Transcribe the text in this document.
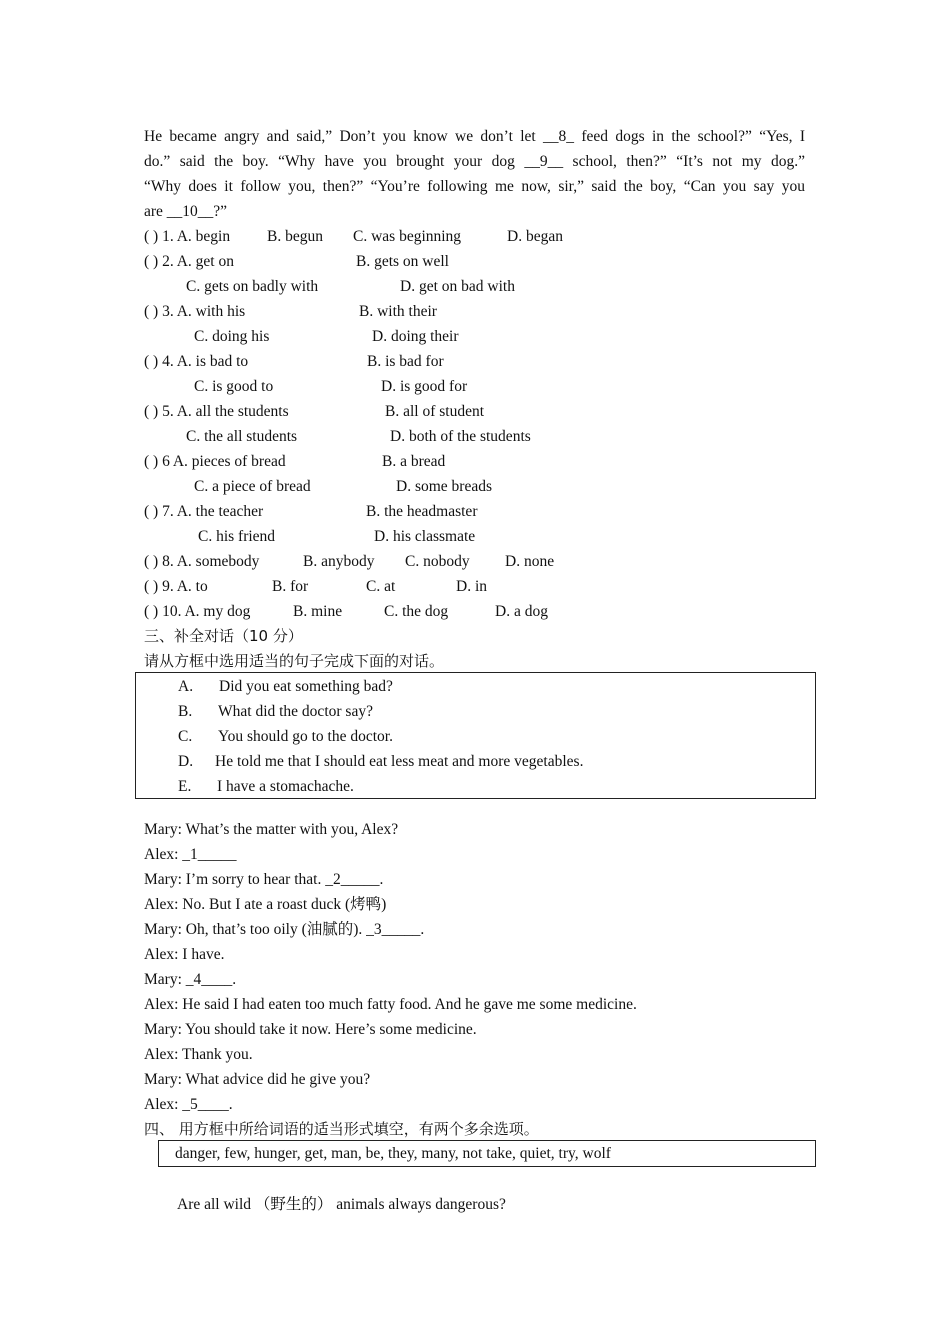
He became angry and said,” Don’t you know we don’t let __8_ feed dogs in the school?” “Yes, I
do.” said the boy. “Why have you brought your dog __9__ school, then?” “It’s not my dog.”
“Why does it follow you, then?” “You’re following me now, sir,” said the boy, “Can you say you
are __10__?”
( ) 1. A. begin B. begun C. was beginning	D. began
( ) 2. A. get on	B. gets on well
C. gets on badly with	D. get on bad with
( ) 3. A. with his	B. with their
C. doing his	D. doing their
( ) 4. A. is bad to	B. is bad for
C. is good to	D. is good for
( ) 5. A. all the students	B. all of student
C. the all students	D. both of the students
( ) 6 A. pieces of bread	B. a bread
C. a piece of bread	D. some breads
( ) 7. A. the teacher	B. the headmaster
C. his friend	D. his classmate
( ) 8. A. somebody	B. anybody C. nobody D. none
( ) 9. A. to	B. for	C. at	D. in
( ) 10. A. my dog	B. mine	C. the dog	D. a dog
三、补全对话（10 分）
请从方框中选用适当的句子完成下面的对话。
A. Did you eat something bad?
B. What did the doctor say?
C. You should go to the doctor.
D. He told me that I should eat less meat and more vegetables.
E. I have a stomachache.
Mary: What’s the matter with you, Alex?
Alex: _1_____
Mary: I’m sorry to hear that. _2_____.
Alex: No. But I ate a roast duck (烤鸭)
Mary: Oh, that’s too oily (油腻的). _3_____.
Alex: I have.
Mary: _4____.
Alex: He said I had eaten too much fatty food. And he gave me some medicine.
Mary: You should take it now. Here’s some medicine.
Alex: Thank you.
Mary: What advice did he give you?
Alex: _5____.
四、 用方框中所给词语的适当形式填空，有两个多余选项。
danger, few, hunger, get, man, be, they, many, not take, quiet, try, wolf
Are all wild （野生的） animals always dangerous?
